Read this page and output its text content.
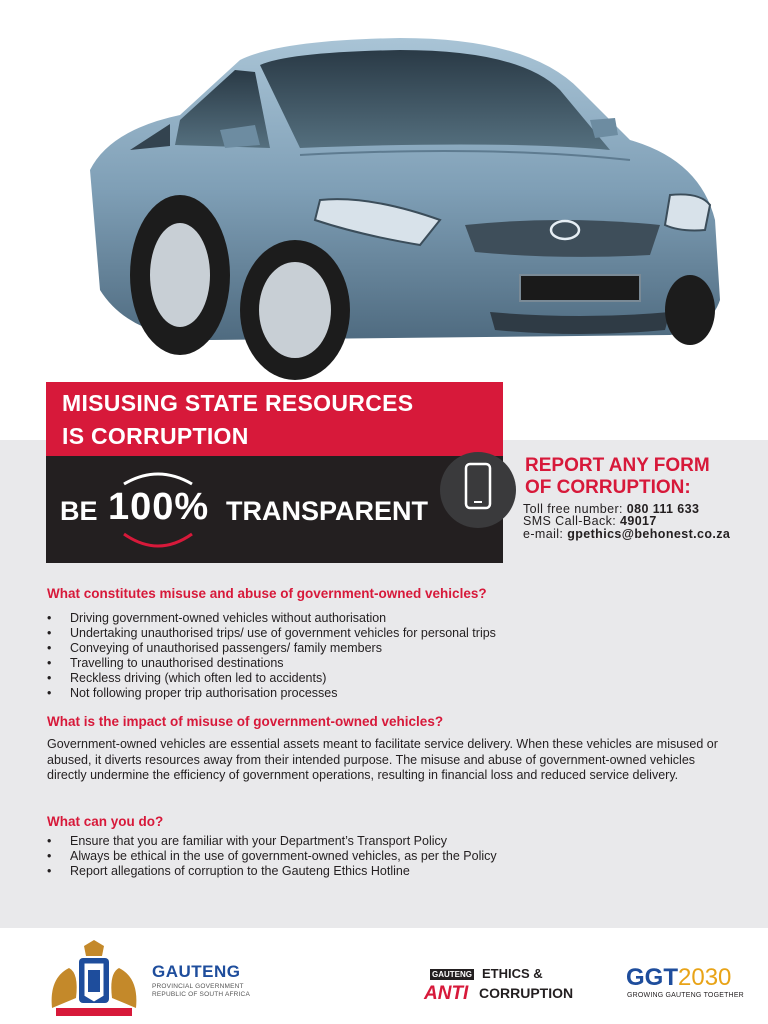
MISUSING STATE RESOURCES
IS CORRUPTION
BE 100% TRANSPARENT
REPORT ANY FORM
OF CORRUPTION:
Toll free number: 080 111 633
SMS Call-Back: 49017
e-mail: gpethics@behonest.co.za
What constitutes misuse and abuse of government-owned vehicles?
• Driving government-owned vehicles without authorisation
• Undertaking unauthorised trips/ use of government vehicles for personal trips
• Conveying of unauthorised passengers/ family members
• Travelling to unauthorised destinations
• Reckless driving (which often led to accidents)
• Not following proper trip authorisation processes
What is the impact of misuse of government-owned vehicles?
Government-owned vehicles are essential assets meant to facilitate service delivery. When these vehicles are misused or abused, it diverts resources away from their intended purpose. The misuse and abuse of government-owned vehicles directly undermine the efficiency of government operations, resulting in financial loss and reduced service delivery.
What can you do?
• Ensure that you are familiar with your Department’s Transport Policy
• Always be ethical in the use of government-owned vehicles, as per the Policy
• Report allegations of corruption to the Gauteng Ethics Hotline
GAUTENG
PROVINCIAL GOVERNMENT
REPUBLIC OF SOUTH AFRICA
GAUTENG ETHICS &
ANTI CORRUPTION
GGT2030
GROWING GAUTENG TOGETHER
